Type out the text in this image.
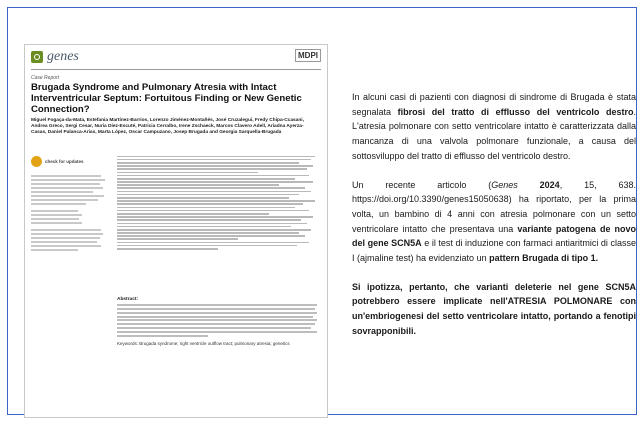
genes	MDPI
Case Report
Brugada Syndrome and Pulmonary Atresia with Intact Interventricular Septum: Fortuitous Finding or New Genetic Connection?
Miguel Fogaça-da-Mata, Estefania Martínez-Barrios, Lorenzo Jiménez-Montañés, José Cruzalegui, Fredy Chipa-Ccasani, Andrea Greco, Sergi Cesar, Nuria Díez-Escuté, Patricia Cerralbo, Irene Zschaeck, Marcos Clavero Adell, Ariadna Ayerza-Casas, Daniel Palanca-Arias, Marta López, Oscar Campuzano, Josep Brugada and Georgia Sarquella-Brugada
check for updates
Abstract:
Keywords: Brugada syndrome; right ventricle outflow tract; pulmonary atresia; genetics

In alcuni casi di pazienti con diagnosi di sindrome di Brugada è stata segnalata fibrosi del tratto di efflusso del ventricolo destro. L'atresia polmonare con setto ventricolare intatto è caratterizzata dalla mancanza di una valvola polmonare funzionale, a causa del sottosviluppo del tratto di efflusso del ventricolo destro.

Un recente articolo (Genes 2024, 15, 638. https://doi.org/10.3390/genes15050638) ha riportato, per la prima volta, un bambino di 4 anni con atresia polmonare con un setto ventricolare intatto che presentava una variante patogena de novo del gene SCN5A e il test di induzione con farmaci antiaritmici di classe I (ajmaline test) ha evidenziato un pattern Brugada di tipo 1.

Si ipotizza, pertanto, che varianti deleterie nel gene SCN5A potrebbero essere implicate nell'ATRESIA POLMONARE con un'embriogenesi del setto ventricolare intatto, portando a fenotipi sovrapponibili.
